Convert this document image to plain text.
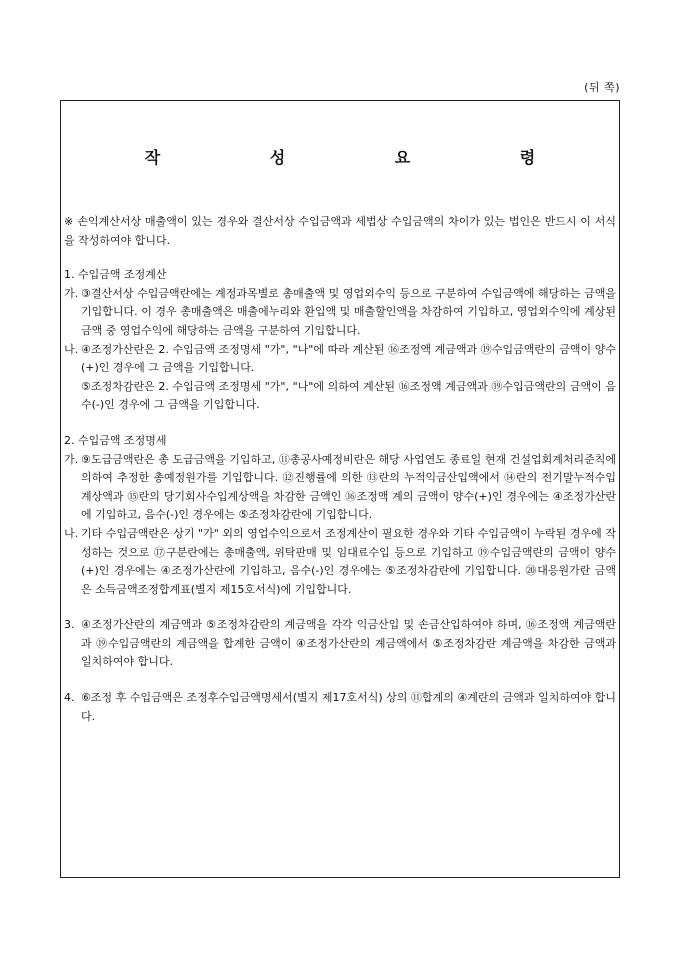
(뒤 쪽)
작 성 요 령

※ 손익계산서상 매출액이 있는 경우와 결산서상 수입금액과 세법상 수입금액의 차이가 있는 법인은 반드시 이 서식을 작성하여야 합니다.

1. 수입금액 조정계산

가. ③결산서상 수입금액란에는 계정과목별로 총매출액 및 영업외수익 등으로 구분하여 수입금액에 해당하는 금액을 기입합니다. 이 경우 총매출액은 매출에누리와 환입액 및 매출할인액을 차감하여 기입하고, 영업외수익에 계상된 금액 중 영업수익에 해당하는 금액을 구분하여 기입합니다.
나. ④조정가산란은 2. 수입금액 조정명세 "가", "나"에 따라 계산된 ⑯조정액 계금액과 ⑲수입금액란의 금액이 양수(+)인 경우에 그 금액을 기입합니다.

⑤조정차감란은 2. 수입금액 조정명세 "가", "나"에 의하여 계산된 ⑯조정액 계금액과 ⑲수입금액란의 금액이 음수(-)인 경우에 그 금액을 기입합니다.

2. 수입금액 조정명세

가. ⑨도급금액란은 총 도급금액을 기입하고, ⑪총공사예정비란은 해당 사업연도 종료일 현재 건설업회계처리준칙에 의하여 추정한 총예정원가를 기입합니다. ⑫진행률에 의한 ⑬란의 누적익금산입액에서 ⑭란의 전기말누적수입계상액과 ⑮란의 당기회사수입계상액을 차감한 금액인 ⑯조정액 계의 금액이 양수(+)인 경우에는 ④조정가산란에 기입하고, 음수(-)인 경우에는 ⑤조정차감란에 기입합니다.
나. 기타 수입금액란은 상기 "가" 외의 영업수익으로서 조정계산이 필요한 경우와 기타 수입금액이 누락된 경우에 작성하는 것으로 ⑰구분란에는 총매출액, 위탁판매 및 임대료수입 등으로 기입하고 ⑲수입금액란의 금액이 양수(+)인 경우에는 ④조정가산란에 기입하고, 음수(-)인 경우에는 ⑤조정차감란에 기입합니다. ⑳대응원가란 금액은 소득금액조정합계표(별지 제15호서식)에 기입합니다.
3. ④조정가산란의 계금액과 ⑤조정차감란의 계금액을 각각 익금산입 및 손금산입하여야 하며, ⑯조정액 계금액란과 ⑲수입금액란의 계금액을 합계한 금액이 ④조정가산란의 계금액에서 ⑤조정차감란 계금액을 차감한 금액과 일치하여야 합니다.
4. ⑥조정 후 수입금액은 조정후수입금액명세서(별지 제17호서식) 상의 ⑪합계의 ④계란의 금액과 일치하여야 합니다.
